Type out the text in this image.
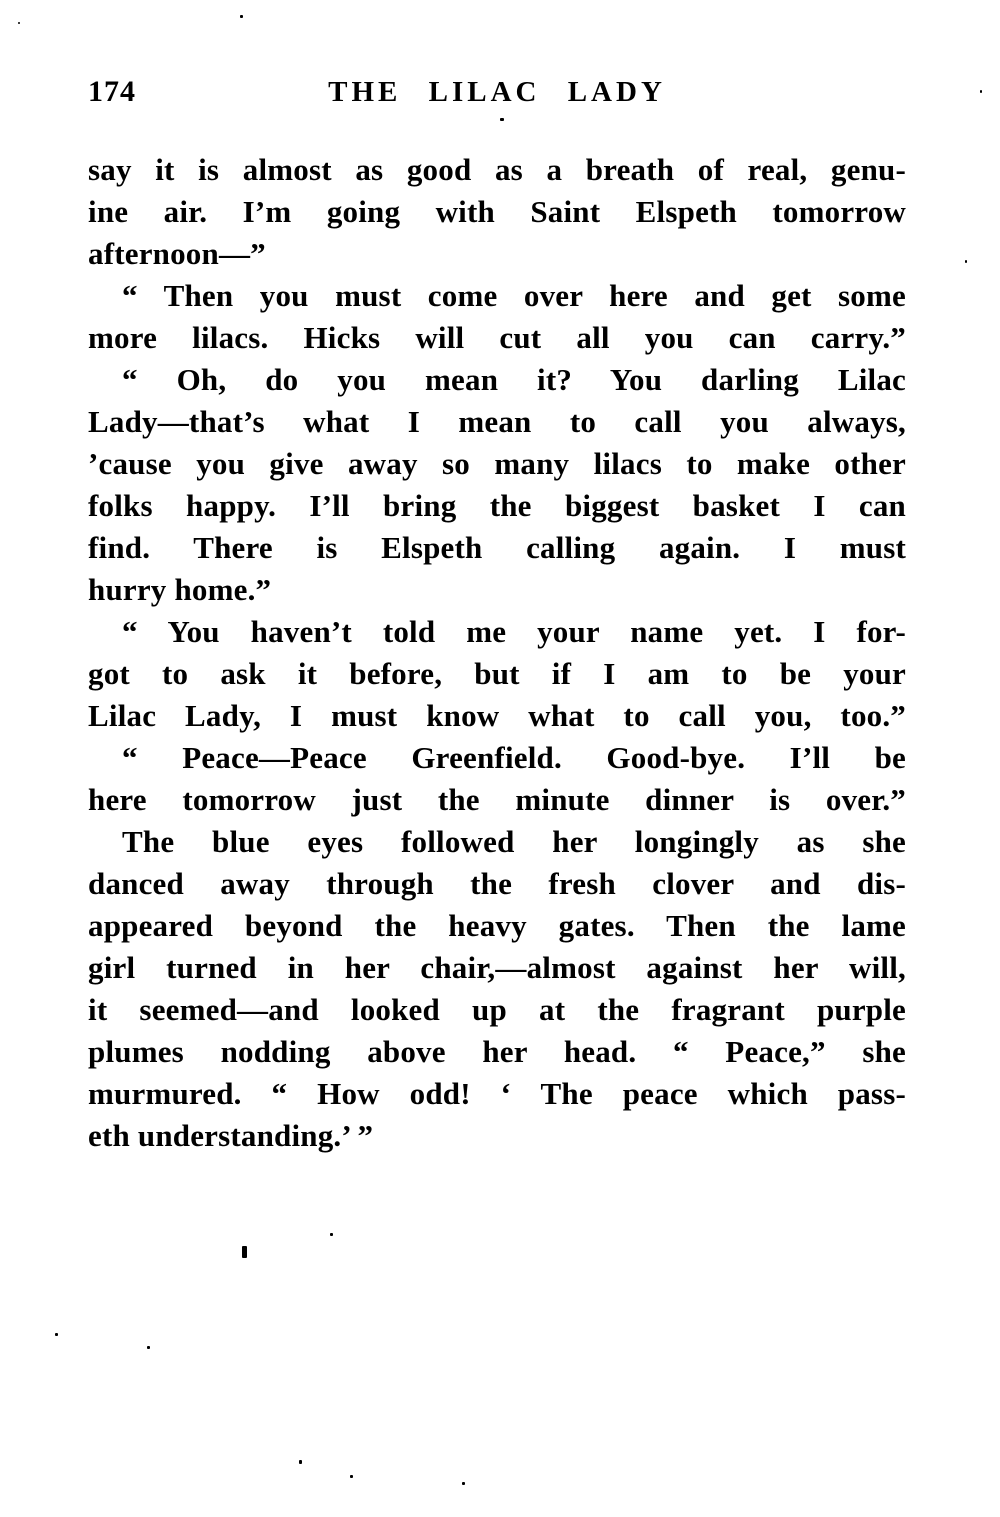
174	THE LILAC LADY
say it is almost as good as a breath of real, genu-
ine air. I’m going with Saint Elspeth tomorrow
afternoon—”
“ Then you must come over here and get some
more lilacs. Hicks will cut all you can carry.”
“ Oh, do you mean it? You darling Lilac
Lady—that’s what I mean to call you always,
’cause you give away so many lilacs to make other
folks happy. I’ll bring the biggest basket I can
find. There is Elspeth calling again. I must
hurry home.”
“ You haven’t told me your name yet. I for-
got to ask it before, but if I am to be your
Lilac Lady, I must know what to call you, too.”
“ Peace—Peace Greenfield. Good-bye. I’ll be
here tomorrow just the minute dinner is over.”
The blue eyes followed her longingly as she
danced away through the fresh clover and dis-
appeared beyond the heavy gates. Then the lame
girl turned in her chair,—almost against her will,
it seemed—and looked up at the fragrant purple
plumes nodding above her head. “ Peace,” she
murmured. “ How odd! ‘ The peace which pass-
eth understanding.’ ”
